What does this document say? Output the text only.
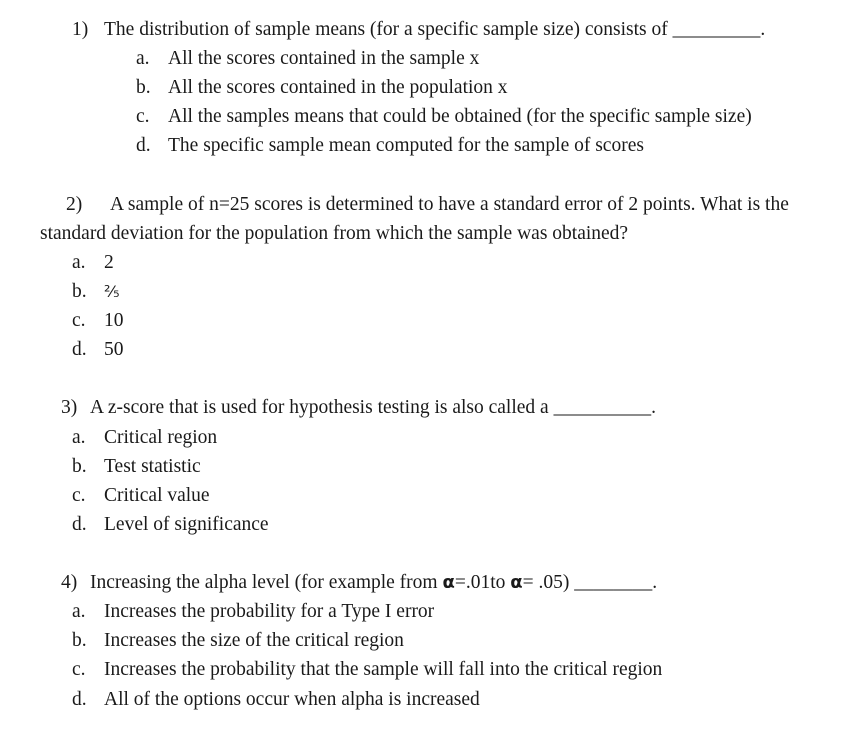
1) The distribution of sample means (for a specific sample size) consists of _________.
a. All the scores contained in the sample x
b. All the scores contained in the population x
c. All the samples means that could be obtained (for the specific sample size)
d. The specific sample mean computed for the sample of scores
2) A sample of n=25 scores is determined to have a standard error of 2 points. What is the
standard deviation for the population from which the sample was obtained?
a. 2
b. ²⁄₅
c. 10
d. 50
3) A z-score that is used for hypothesis testing is also called a __________.
a. Critical region
b. Test statistic
c. Critical value
d. Level of significance
4) Increasing the alpha level (for example from α=.01to α= .05) ________.
a. Increases the probability for a Type I error
b. Increases the size of the critical region
c. Increases the probability that the sample will fall into the critical region
d. All of the options occur when alpha is increased
